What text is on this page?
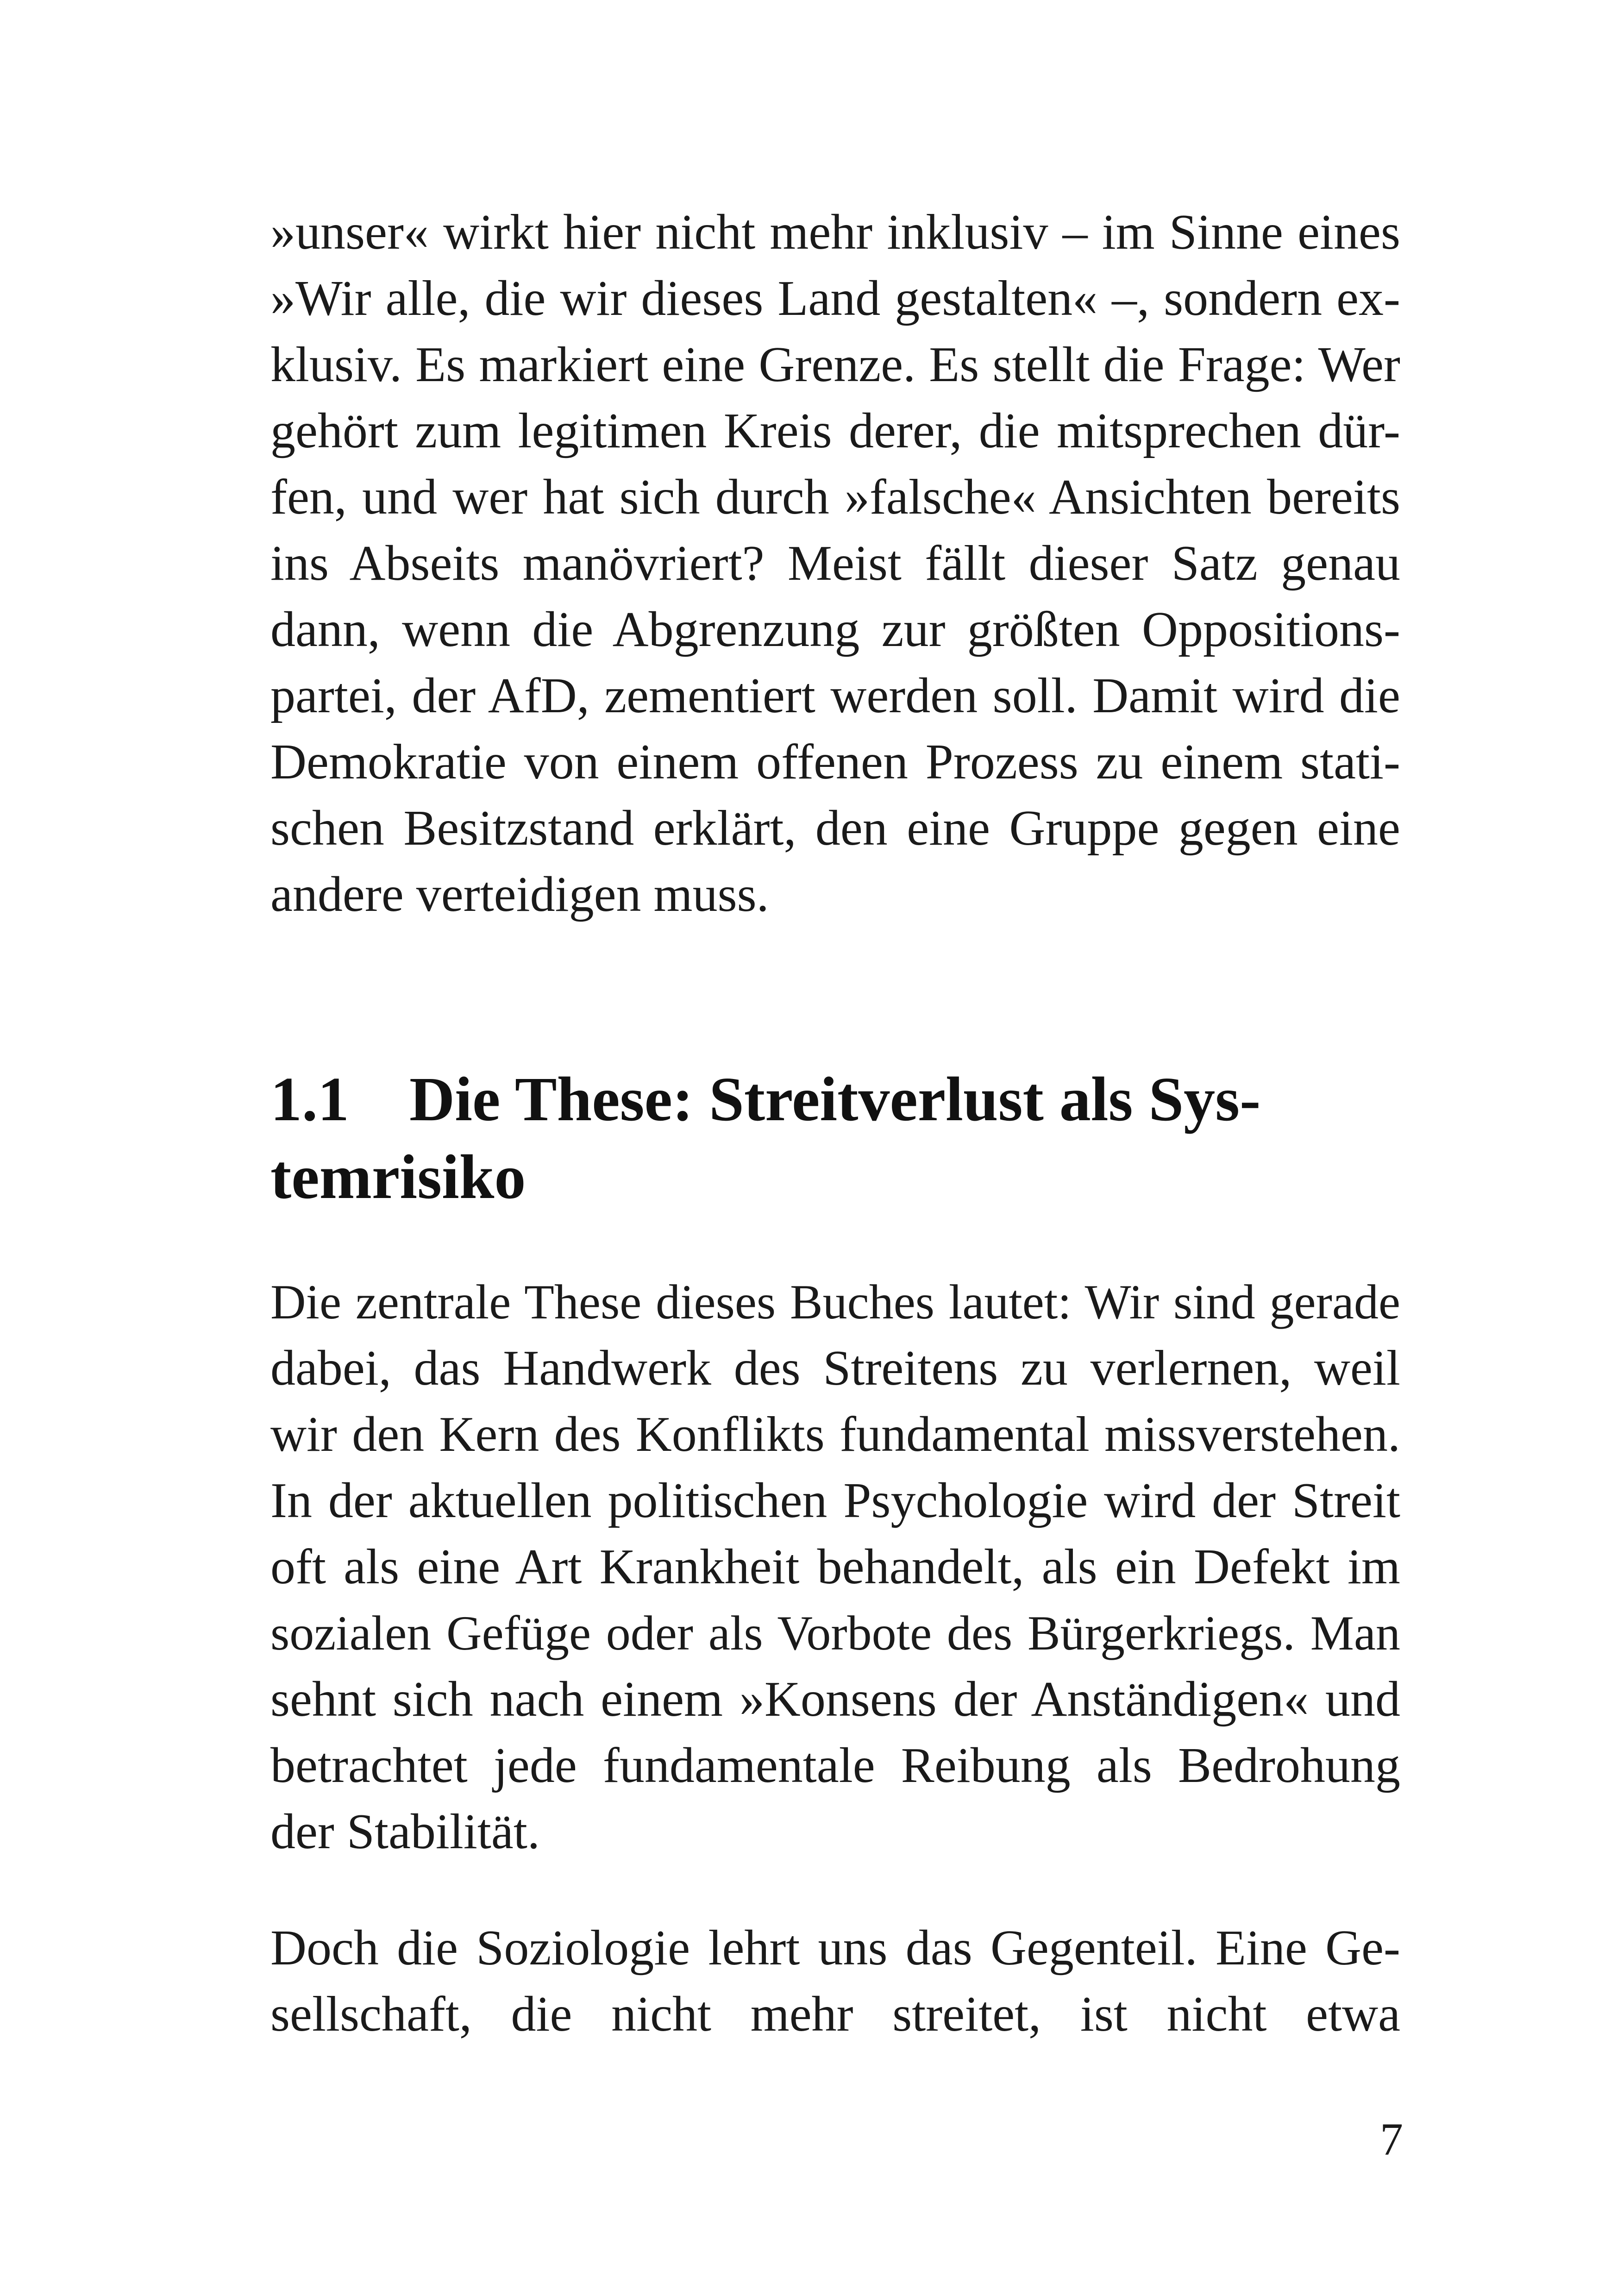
»unser« wirkt hier nicht mehr inklusiv – im Sinne eines
»Wir alle, die wir dieses Land gestalten« –, sondern ex-
klusiv. Es markiert eine Grenze. Es stellt die Frage: Wer
gehört zum legitimen Kreis derer, die mitsprechen dür-
fen, und wer hat sich durch »falsche« Ansichten bereits
ins Abseits manövriert? Meist fällt dieser Satz genau
dann, wenn die Abgrenzung zur größten Oppositions-
partei, der AfD, zementiert werden soll. Damit wird die
Demokratie von einem offenen Prozess zu einem stati-
schen Besitzstand erklärt, den eine Gruppe gegen eine
andere verteidigen muss.
1.1 Die These: Streitverlust als Sys-
temrisiko
Die zentrale These dieses Buches lautet: Wir sind gerade
dabei, das Handwerk des Streitens zu verlernen, weil
wir den Kern des Konflikts fundamental missverstehen.
In der aktuellen politischen Psychologie wird der Streit
oft als eine Art Krankheit behandelt, als ein Defekt im
sozialen Gefüge oder als Vorbote des Bürgerkriegs. Man
sehnt sich nach einem »Konsens der Anständigen« und
betrachtet jede fundamentale Reibung als Bedrohung
der Stabilität.
Doch die Soziologie lehrt uns das Gegenteil. Eine Ge-
sellschaft, die nicht mehr streitet, ist nicht etwa
7
